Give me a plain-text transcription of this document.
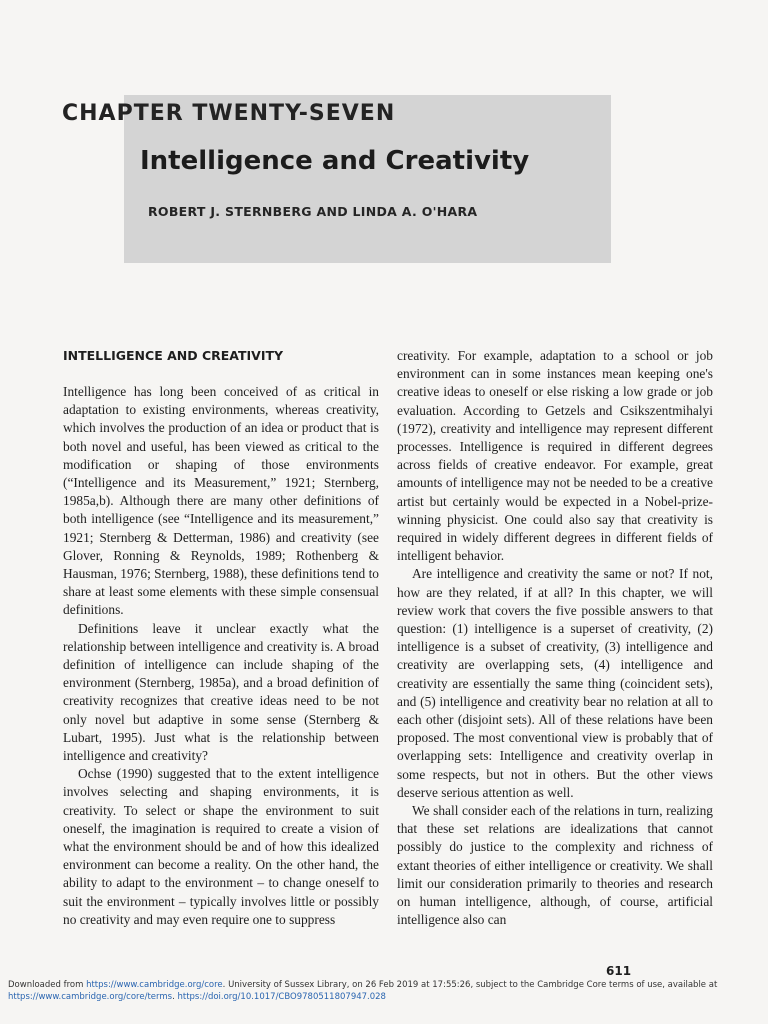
CHAPTER TWENTY-SEVEN
Intelligence and Creativity
ROBERT J. STERNBERG AND LINDA A. O'HARA
INTELLIGENCE AND CREATIVITY

Intelligence has long been conceived of as critical in adaptation to existing environments, whereas creativity, which involves the production of an idea or product that is both novel and useful, has been viewed as critical to the modification or shaping of those environments (“Intelligence and its Measurement,” 1921; Sternberg, 1985a,b). Although there are many other definitions of both intelligence (see “Intelligence and its measurement,” 1921; Sternberg & Detterman, 1986) and creativity (see Glover, Ronning & Reynolds, 1989; Rothenberg & Hausman, 1976; Sternberg, 1988), these definitions tend to share at least some elements with these simple consensual definitions.

Definitions leave it unclear exactly what the relationship between intelligence and creativity is. A broad definition of intelligence can include shaping of the environment (Sternberg, 1985a), and a broad definition of creativity recognizes that creative ideas need to be not only novel but adaptive in some sense (Sternberg & Lubart, 1995). Just what is the relationship between intelligence and creativity?

Ochse (1990) suggested that to the extent intelligence involves selecting and shaping environments, it is creativity. To select or shape the environment to suit oneself, the imagination is required to create a vision of what the environment should be and of how this idealized environment can become a reality. On the other hand, the ability to adapt to the environment – to change oneself to suit the environment – typically involves little or possibly no creativity and may even require one to suppress

creativity. For example, adaptation to a school or job environment can in some instances mean keeping one's creative ideas to oneself or else risking a low grade or job evaluation. According to Getzels and Csikszentmihalyi (1972), creativity and intelligence may represent different processes. Intelligence is required in different degrees across fields of creative endeavor. For example, great amounts of intelligence may not be needed to be a creative artist but certainly would be expected in a Nobel-prize-winning physicist. One could also say that creativity is required in widely different degrees in different fields of intelligent behavior.

Are intelligence and creativity the same or not? If not, how are they related, if at all? In this chapter, we will review work that covers the five possible answers to that question: (1) intelligence is a superset of creativity, (2) intelligence is a subset of creativity, (3) intelligence and creativity are overlapping sets, (4) intelligence and creativity are essentially the same thing (coincident sets), and (5) intelligence and creativity bear no relation at all to each other (disjoint sets). All of these relations have been proposed. The most conventional view is probably that of overlapping sets: Intelligence and creativity overlap in some respects, but not in others. But the other views deserve serious attention as well.

We shall consider each of the relations in turn, realizing that these set relations are idealizations that cannot possibly do justice to the complexity and richness of extant theories of either intelligence or creativity. We shall limit our consideration primarily to theories and research on human intelligence, although, of course, artificial intelligence also can

611
Downloaded from https://www.cambridge.org/core. University of Sussex Library, on 26 Feb 2019 at 17:55:26, subject to the Cambridge Core terms of use, available at
https://www.cambridge.org/core/terms. https://doi.org/10.1017/CBO9780511807947.028
